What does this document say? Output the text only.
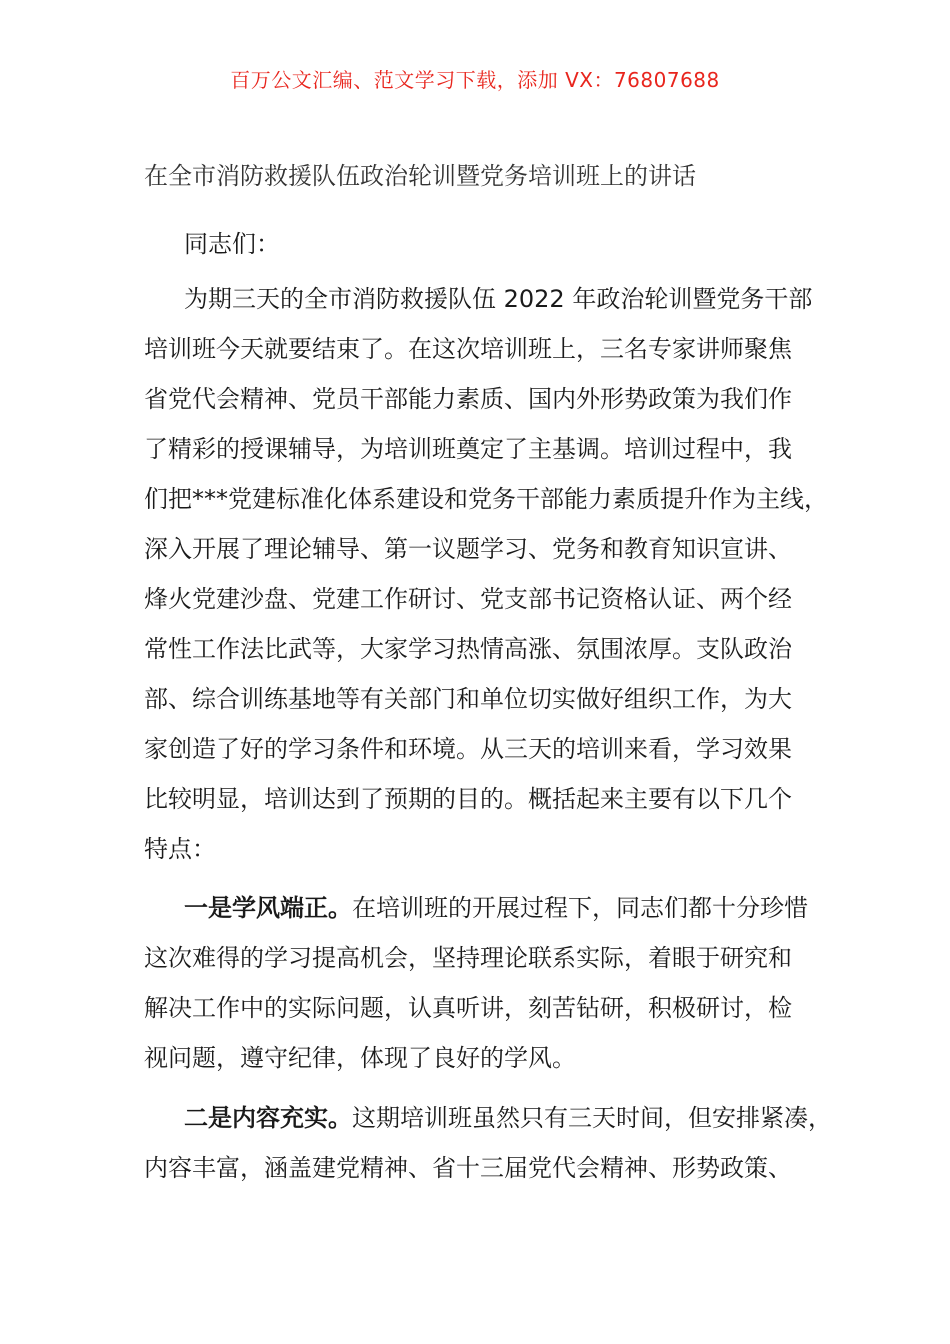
百万公文汇编、范文学习下载，添加 VX：76807688
在全市消防救援队伍政治轮训暨党务培训班上的讲话
同志们：
为期三天的全市消防救援队伍 2022 年政治轮训暨党务干部
培训班今天就要结束了。在这次培训班上，三名专家讲师聚焦
省党代会精神、党员干部能力素质、国内外形势政策为我们作
了精彩的授课辅导，为培训班奠定了主基调。培训过程中，我
们把***党建标准化体系建设和党务干部能力素质提升作为主线，
深入开展了理论辅导、第一议题学习、党务和教育知识宣讲、
烽火党建沙盘、党建工作研讨、党支部书记资格认证、两个经
常性工作法比武等，大家学习热情高涨、氛围浓厚。支队政治
部、综合训练基地等有关部门和单位切实做好组织工作，为大
家创造了好的学习条件和环境。从三天的培训来看，学习效果
比较明显，培训达到了预期的目的。概括起来主要有以下几个
特点：
一是学风端正。在培训班的开展过程下，同志们都十分珍惜
这次难得的学习提高机会，坚持理论联系实际，着眼于研究和
解决工作中的实际问题，认真听讲，刻苦钻研，积极研讨，检
视问题，遵守纪律，体现了良好的学风。
二是内容充实。这期培训班虽然只有三天时间，但安排紧凑，
内容丰富，涵盖建党精神、省十三届党代会精神、形势政策、
